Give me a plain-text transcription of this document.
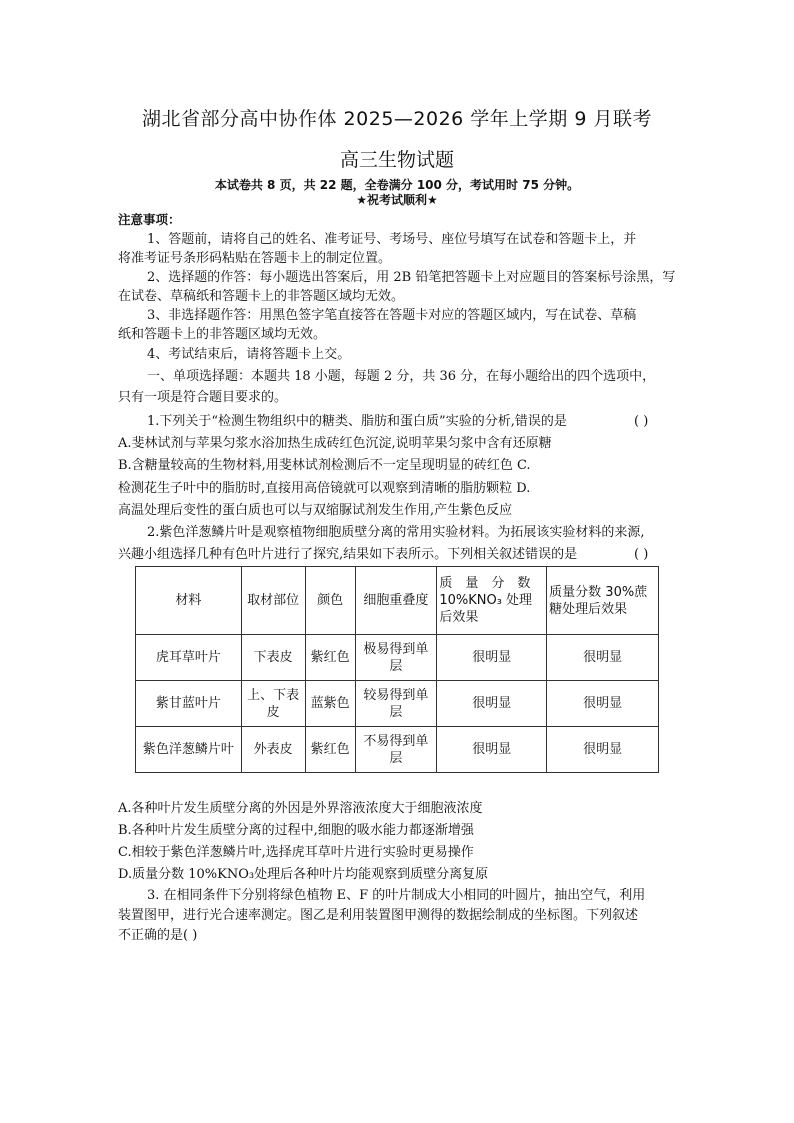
湖北省部分高中协作体 2025—2026 学年上学期 9 月联考
高三生物试题
本试卷共 8 页，共 22 题，全卷满分 100 分，考试用时 75 分钟。
★祝考试顺利★
注意事项：
1、答题前，请将自己的姓名、准考证号、考场号、座位号填写在试卷和答题卡上，并
将准考证号条形码粘贴在答题卡上的制定位置。
2、选择题的作答：每小题选出答案后，用 2B 铅笔把答题卡上对应题目的答案标号涂黑，写
在试卷、草稿纸和答题卡上的非答题区域均无效。
3、非选择题作答：用黑色签字笔直接答在答题卡对应的答题区域内，写在试卷、草稿
纸和答题卡上的非答题区域均无效。
4、考试结束后，请将答题卡上交。
一、单项选择题：本题共 18 小题，每题 2 分，共 36 分，在每小题给出的四个选项中，
只有一项是符合题目要求的。
1.下列关于“检测生物组织中的糖类、脂肪和蛋白质”实验的分析,错误的是	( )
A.斐林试剂与苹果匀浆水浴加热生成砖红色沉淀,说明苹果匀浆中含有还原糖
B.含糖量较高的生物材料,用斐林试剂检测后不一定呈现明显的砖红色 C.
检测花生子叶中的脂肪时,直接用高倍镜就可以观察到清晰的脂肪颗粒 D.
高温处理后变性的蛋白质也可以与双缩脲试剂发生作用,产生紫色反应
2.紫色洋葱鳞片叶是观察植物细胞质壁分离的常用实验材料。为拓展该实验材料的来源,
兴趣小组选择几种有色叶片进行了探究,结果如下表所示。下列相关叙述错误的是	( )
材料	取材部位	颜色	细胞重叠度	质　量　分　数 10%KNO₃ 处理后效果	质量分数 30%蔗糖处理后效果
虎耳草叶片	下表皮	紫红色	极易得到单层	很明显	很明显
紫甘蓝叶片	上、下表皮	蓝紫色	较易得到单层	很明显	很明显
紫色洋葱鳞片叶	外表皮	紫红色	不易得到单层	很明显	很明显
A.各种叶片发生质壁分离的外因是外界溶液浓度大于细胞液浓度
B.各种叶片发生质壁分离的过程中,细胞的吸水能力都逐渐增强
C.相较于紫色洋葱鳞片叶,选择虎耳草叶片进行实验时更易操作
D.质量分数 10%KNO₃处理后各种叶片均能观察到质壁分离复原
3. 在相同条件下分别将绿色植物 E、F 的叶片制成大小相同的叶圆片，抽出空气，利用
装置图甲，进行光合速率测定。图乙是利用装置图甲测得的数据绘制成的坐标图。下列叙述
不正确的是( )
